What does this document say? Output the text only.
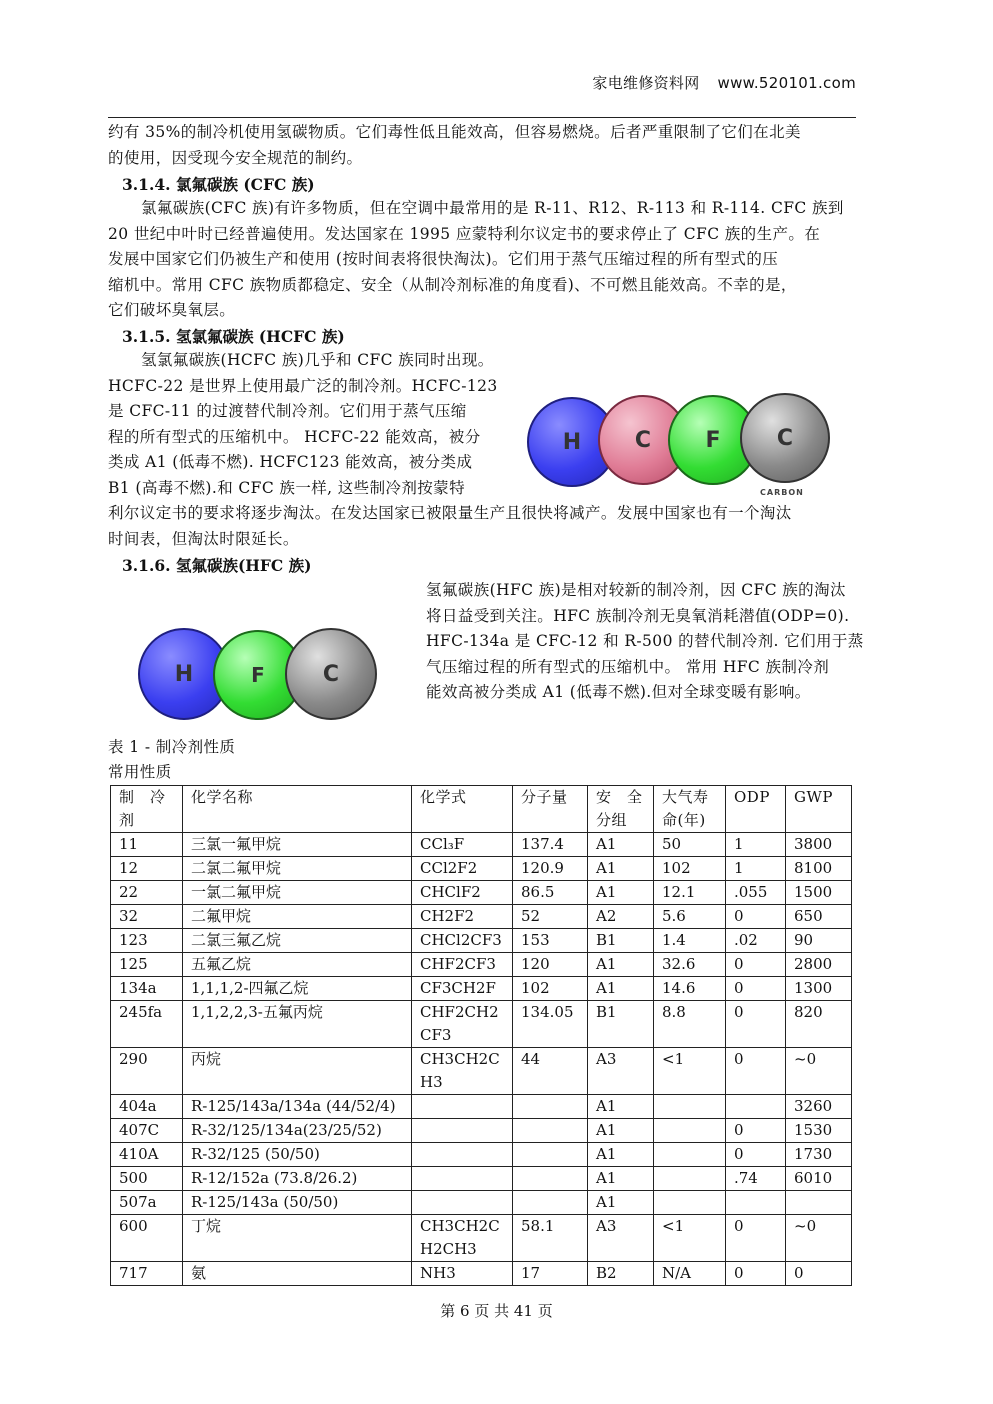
家电维修资料网 www.520101.com
约有 35%的制冷机使用氢碳物质。它们毒性低且能效高，但容易燃烧。后者严重限制了它们在北美
的使用，因受现今安全规范的制约。
3.1.4. 氯氟碳族 (CFC 族)
氯氟碳族(CFC 族)有许多物质，但在空调中最常用的是 R-11、R12、R-113 和 R-114. CFC 族到
20 世纪中叶时已经普遍使用。发达国家在 1995 应蒙特利尔议定书的要求停止了 CFC 族的生产。在
发展中国家它们仍被生产和使用 (按时间表将很快淘汰)。它们用于蒸气压缩过程的所有型式的压
缩机中。常用 CFC 族物质都稳定、安全（从制冷剂标准的角度看)、不可燃且能效高。不幸的是，
它们破坏臭氧层。
3.1.5. 氢氯氟碳族 (HCFC 族)
氢氯氟碳族(HCFC 族)几乎和 CFC 族同时出现。
HCFC-22 是世界上使用最广泛的制冷剂。HCFC-123
是 CFC-11 的过渡替代制冷剂。它们用于蒸气压缩
程的所有型式的压缩机中。 HCFC-22 能效高，被分
类成 A1 (低毒不燃). HCFC123 能效高，被分类成
B1 (高毒不燃).和 CFC 族一样, 这些制冷剂按蒙特
H C F	C
CARBON
利尔议定书的要求将逐步淘汰。在发达国家已被限量生产且很快将减产。发展中国家也有一个淘汰
时间表，但淘汰时限延长。
3.1.6. 氢氟碳族(HFC 族)
H	F	C
氢氟碳族(HFC 族)是相对较新的制冷剂，因 CFC 族的淘汰
将日益受到关注。HFC 族制冷剂无臭氧消耗潜值(ODP=0).
HFC-134a 是 CFC-12 和 R-500 的替代制冷剂. 它们用于蒸
气压缩过程的所有型式的压缩机中。 常用 HFC 族制冷剂
能效高被分类成 A1 (低毒不燃).但对全球变暖有影响。
表 1 - 制冷剂性质
常用性质
制　冷剂	化学名称	化学式	分子量	安　全分组	大气寿命(年)	ODP	GWP
11	三氯一氟甲烷	CCl₃F	137.4	A1	50	1	3800
12	二氯二氟甲烷	CCl2F2	120.9	A1	102	1	8100
22	一氯二氟甲烷	CHClF2	86.5	A1	12.1	.055	1500
32	二氟甲烷	CH2F2	52	A2	5.6	0	650
123	二氯三氟乙烷	CHCl2CF3	153	B1	1.4	.02	90
125	五氟乙烷	CHF2CF3	120	A1	32.6	0	2800
134a	1,1,1,2-四氟乙烷	CF3CH2F	102	A1	14.6	0	1300
245fa	1,1,2,2,3-五氟丙烷	CHF2CH2CF3	134.05	B1	8.8	0	820
290	丙烷	CH3CH2CH3	44	A3	<1	0	~0
404a	R-125/143a/134a (44/52/4)			A1			3260
407C	R-32/125/134a(23/25/52)			A1		0	1530
410A	R-32/125 (50/50)			A1		0	1730
500	R-12/152a (73.8/26.2)			A1		.74	6010
507a	R-125/143a (50/50)			A1			
600	丁烷	CH3CH2CH2CH3	58.1	A3	<1	0	~0
717	氨	NH3	17	B2	N/A	0	0
第 6 页 共 41 页
